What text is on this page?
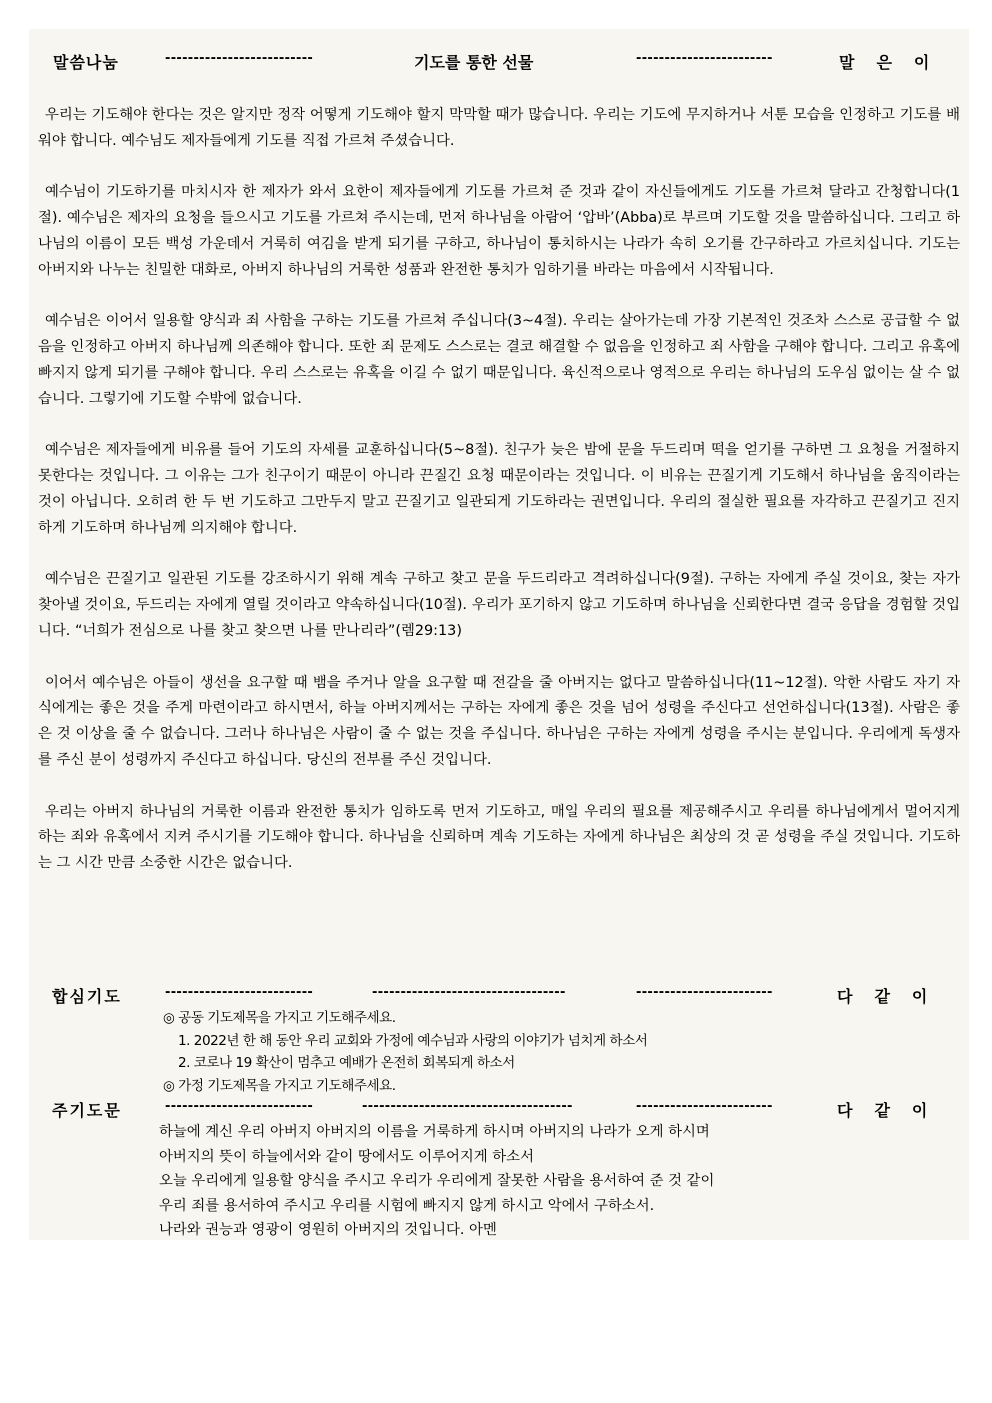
말씀나눔	--------------------------	기도를 통한 선물	------------------------	말은이

우리는 기도해야 한다는 것은 알지만 정작 어떻게 기도해야 할지 막막할 때가 많습니다. 우리는 기도에 무지하거나 서툰 모습을 인정하고 기도를 배워야 합니다. 예수님도 제자들에게 기도를 직접 가르쳐 주셨습니다.

예수님이 기도하기를 마치시자 한 제자가 와서 요한이 제자들에게 기도를 가르쳐 준 것과 같이 자신들에게도 기도를 가르쳐 달라고 간청합니다(1절). 예수님은 제자의 요청을 들으시고 기도를 가르쳐 주시는데, 먼저 하나님을 아람어 ‘압바’(Abba)로 부르며 기도할 것을 말씀하십니다. 그리고 하나님의 이름이 모든 백성 가운데서 거룩히 여김을 받게 되기를 구하고, 하나님이 통치하시는 나라가 속히 오기를 간구하라고 가르치십니다. 기도는 아버지와 나누는 친밀한 대화로, 아버지 하나님의 거룩한 성품과 완전한 통치가 임하기를 바라는 마음에서 시작됩니다.

예수님은 이어서 일용할 양식과 죄 사함을 구하는 기도를 가르쳐 주십니다(3~4절). 우리는 살아가는데 가장 기본적인 것조차 스스로 공급할 수 없음을 인정하고 아버지 하나님께 의존해야 합니다. 또한 죄 문제도 스스로는 결코 해결할 수 없음을 인정하고 죄 사함을 구해야 합니다. 그리고 유혹에 빠지지 않게 되기를 구해야 합니다. 우리 스스로는 유혹을 이길 수 없기 때문입니다. 육신적으로나 영적으로 우리는 하나님의 도우심 없이는 살 수 없습니다. 그렇기에 기도할 수밖에 없습니다.

예수님은 제자들에게 비유를 들어 기도의 자세를 교훈하십니다(5~8절). 친구가 늦은 밤에 문을 두드리며 떡을 얻기를 구하면 그 요청을 거절하지 못한다는 것입니다. 그 이유는 그가 친구이기 때문이 아니라 끈질긴 요청 때문이라는 것입니다. 이 비유는 끈질기게 기도해서 하나님을 움직이라는 것이 아닙니다. 오히려 한 두 번 기도하고 그만두지 말고 끈질기고 일관되게 기도하라는 권면입니다. 우리의 절실한 필요를 자각하고 끈질기고 진지하게 기도하며 하나님께 의지해야 합니다.

예수님은 끈질기고 일관된 기도를 강조하시기 위해 계속 구하고 찾고 문을 두드리라고 격려하십니다(9절). 구하는 자에게 주실 것이요, 찾는 자가 찾아낼 것이요, 두드리는 자에게 열릴 것이라고 약속하십니다(10절). 우리가 포기하지 않고 기도하며 하나님을 신뢰한다면 결국 응답을 경험할 것입니다. “너희가 전심으로 나를 찾고 찾으면 나를 만나리라”(렘29:13)

이어서 예수님은 아들이 생선을 요구할 때 뱀을 주거나 알을 요구할 때 전갈을 줄 아버지는 없다고 말씀하십니다(11~12절). 악한 사람도 자기 자식에게는 좋은 것을 주게 마련이라고 하시면서, 하늘 아버지께서는 구하는 자에게 좋은 것을 넘어 성령을 주신다고 선언하십니다(13절). 사람은 좋은 것 이상을 줄 수 없습니다. 그러나 하나님은 사람이 줄 수 없는 것을 주십니다. 하나님은 구하는 자에게 성령을 주시는 분입니다. 우리에게 독생자를 주신 분이 성령까지 주신다고 하십니다. 당신의 전부를 주신 것입니다.

우리는 아버지 하나님의 거룩한 이름과 완전한 통치가 임하도록 먼저 기도하고, 매일 우리의 필요를 제공해주시고 우리를 하나님에게서 멀어지게 하는 죄와 유혹에서 지켜 주시기를 기도해야 합니다. 하나님을 신뢰하며 계속 기도하는 자에게 하나님은 최상의 것 곧 성령을 주실 것입니다. 기도하는 그 시간 만큼 소중한 시간은 없습니다.

합심기도	--------------------------	----------------------------------	------------------------	다같이
◎ 공동 기도제목을 가지고 기도해주세요.
1. 2022년 한 해 동안 우리 교회와 가정에 예수님과 사랑의 이야기가 넘치게 하소서
2. 코로나 19 확산이 멈추고 예배가 온전히 회복되게 하소서
◎ 가정 기도제목을 가지고 기도해주세요.
주기도문	--------------------------	-------------------------------------	------------------------	다같이
하늘에 계신 우리 아버지 아버지의 이름을 거룩하게 하시며 아버지의 나라가 오게 하시며
아버지의 뜻이 하늘에서와 같이 땅에서도 이루어지게 하소서
오늘 우리에게 일용할 양식을 주시고 우리가 우리에게 잘못한 사람을 용서하여 준 것 같이
우리 죄를 용서하여 주시고 우리를 시험에 빠지지 않게 하시고 악에서 구하소서.
나라와 권능과 영광이 영원히 아버지의 것입니다. 아멘
